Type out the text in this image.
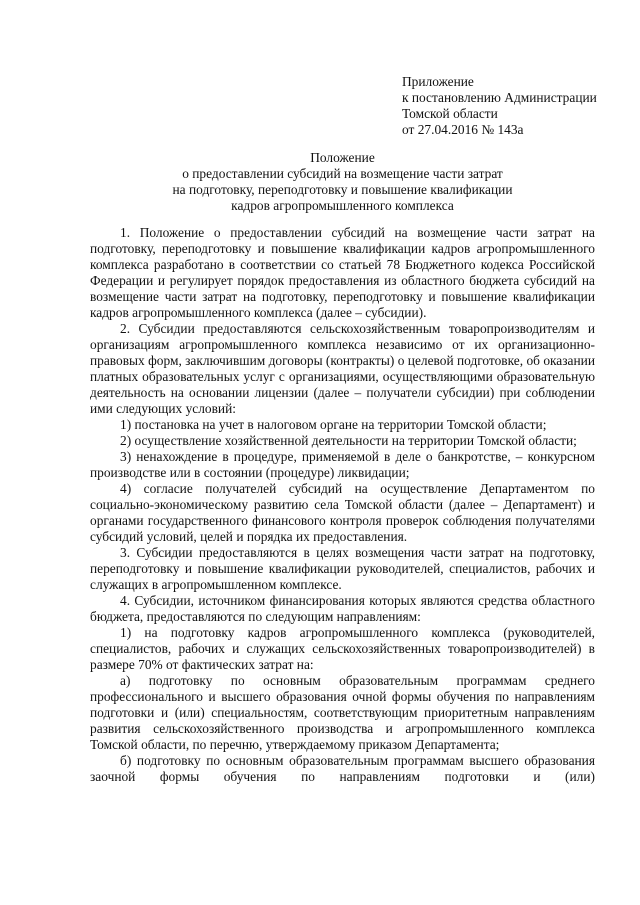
Приложение
к постановлению Администрации
Томской области
от 27.04.2016 № 143а
Положение
о предоставлении субсидий на возмещение части затрат
на подготовку, переподготовку и повышение квалификации
кадров агропромышленного комплекса

1. Положение о предоставлении субсидий на возмещение части затрат на подготовку, переподготовку и повышение квалификации кадров агропромышленного комплекса разработано в соответствии со статьей 78 Бюджетного кодекса Российской Федерации и регулирует порядок предоставления из областного бюджета субсидий на возмещение части затрат на подготовку, переподготовку и повышение квалификации кадров агропромышленного комплекса (далее – субсидии).

2. Субсидии предоставляются сельскохозяйственным товаропроизводителям и организациям агропромышленного комплекса независимо от их организационно-правовых форм, заключившим договоры (контракты) о целевой подготовке, об оказании платных образовательных услуг с организациями, осуществляющими образовательную деятельность на основании лицензии (далее – получатели субсидии) при соблюдении ими следующих условий:

1) постановка на учет в налоговом органе на территории Томской области;

2) осуществление хозяйственной деятельности на территории Томской области;

3) ненахождение в процедуре, применяемой в деле о банкротстве, – конкурсном производстве или в состоянии (процедуре) ликвидации;

4) согласие получателей субсидий на осуществление Департаментом по социально-экономическому развитию села Томской области (далее – Департамент) и органами государственного финансового контроля проверок соблюдения получателями субсидий условий, целей и порядка их предоставления.

3. Субсидии предоставляются в целях возмещения части затрат на подготовку, переподготовку и повышение квалификации руководителей, специалистов, рабочих и служащих в агропромышленном комплексе.

4. Субсидии, источником финансирования которых являются средства областного бюджета, предоставляются по следующим направлениям:

1) на подготовку кадров агропромышленного комплекса (руководителей, специалистов, рабочих и служащих сельскохозяйственных товаропроизводителей) в размере 70% от фактических затрат на:

а) подготовку по основным образовательным программам среднего профессионального и высшего образования очной формы обучения по направлениям подготовки и (или) специальностям, соответствующим приоритетным направлениям развития сельскохозяйственного производства и агропромышленного комплекса Томской области, по перечню, утверждаемому приказом Департамента;

б) подготовку по основным образовательным программам высшего образования заочной формы обучения по направлениям подготовки и (или)
